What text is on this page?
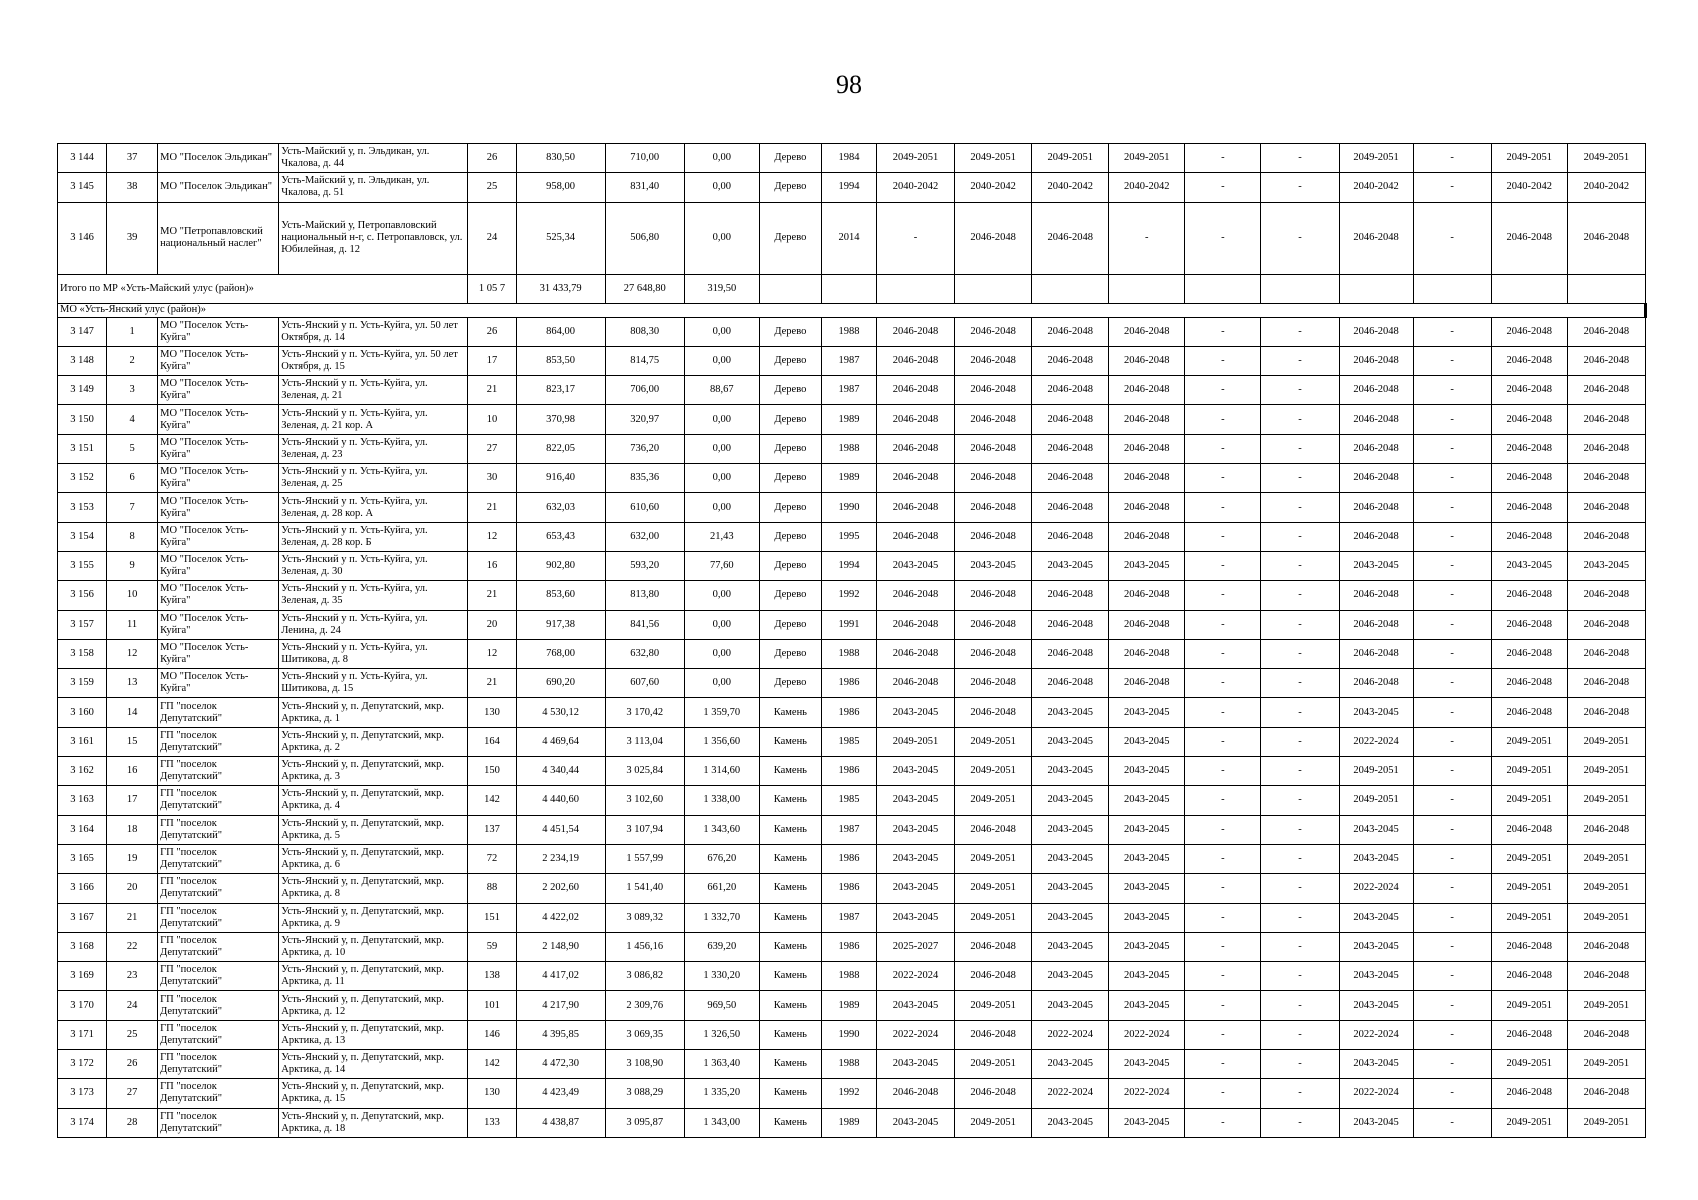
98
3 144	37	МО "Поселок Эльдикан"	Усть-Майский у, п. Эльдикан, ул. Чкалова, д. 44	26	830,50	710,00	0,00	Дерево	1984	2049-2051	2049-2051	2049-2051	2049-2051	-	-	2049-2051	-	2049-2051	2049-2051
3 145	38	МО "Поселок Эльдикан"	Усть-Майский у, п. Эльдикан, ул. Чкалова, д. 51	25	958,00	831,40	0,00	Дерево	1994	2040-2042	2040-2042	2040-2042	2040-2042	-	-	2040-2042	-	2040-2042	2040-2042
3 146	39	МО "Петропавловский национальный наслег"	Усть-Майский у, Петропавловский национальный н-г, с. Петропавловск, ул. Юбилейная, д. 12	24	525,34	506,80	0,00	Дерево	2014	-	2046-2048	2046-2048	-	-	-	2046-2048	-	2046-2048	2046-2048
Итого по МР «Усть-Майский улус (район)»				1 05 7	31 433,79	27 648,80	319,50												
МО «Усть-Янский улус (район)»																			
3 147	1	МО "Поселок Усть-Куйга"	Усть-Янский у п. Усть-Куйга, ул. 50 лет Октября, д. 14	26	864,00	808,30	0,00	Дерево	1988	2046-2048	2046-2048	2046-2048	2046-2048	-	-	2046-2048	-	2046-2048	2046-2048
3 148	2	МО "Поселок Усть-Куйга"	Усть-Янский у п. Усть-Куйга, ул. 50 лет Октября, д. 15	17	853,50	814,75	0,00	Дерево	1987	2046-2048	2046-2048	2046-2048	2046-2048	-	-	2046-2048	-	2046-2048	2046-2048
3 149	3	МО "Поселок Усть-Куйга"	Усть-Янский у п. Усть-Куйга, ул. Зеленая, д. 21	21	823,17	706,00	88,67	Дерево	1987	2046-2048	2046-2048	2046-2048	2046-2048	-	-	2046-2048	-	2046-2048	2046-2048
3 150	4	МО "Поселок Усть-Куйга"	Усть-Янский у п. Усть-Куйга, ул. Зеленая, д. 21 кор. А	10	370,98	320,97	0,00	Дерево	1989	2046-2048	2046-2048	2046-2048	2046-2048	-	-	2046-2048	-	2046-2048	2046-2048
3 151	5	МО "Поселок Усть-Куйга"	Усть-Янский у п. Усть-Куйга, ул. Зеленая, д. 23	27	822,05	736,20	0,00	Дерево	1988	2046-2048	2046-2048	2046-2048	2046-2048	-	-	2046-2048	-	2046-2048	2046-2048
3 152	6	МО "Поселок Усть-Куйга"	Усть-Янский у п. Усть-Куйга, ул. Зеленая, д. 25	30	916,40	835,36	0,00	Дерево	1989	2046-2048	2046-2048	2046-2048	2046-2048	-	-	2046-2048	-	2046-2048	2046-2048
3 153	7	МО "Поселок Усть-Куйга"	Усть-Янский у п. Усть-Куйга, ул. Зеленая, д. 28 кор. А	21	632,03	610,60	0,00	Дерево	1990	2046-2048	2046-2048	2046-2048	2046-2048	-	-	2046-2048	-	2046-2048	2046-2048
3 154	8	МО "Поселок Усть-Куйга"	Усть-Янский у п. Усть-Куйга, ул. Зеленая, д. 28 кор. Б	12	653,43	632,00	21,43	Дерево	1995	2046-2048	2046-2048	2046-2048	2046-2048	-	-	2046-2048	-	2046-2048	2046-2048
3 155	9	МО "Поселок Усть-Куйга"	Усть-Янский у п. Усть-Куйга, ул. Зеленая, д. 30	16	902,80	593,20	77,60	Дерево	1994	2043-2045	2043-2045	2043-2045	2043-2045	-	-	2043-2045	-	2043-2045	2043-2045
3 156	10	МО "Поселок Усть-Куйга"	Усть-Янский у п. Усть-Куйга, ул. Зеленая, д. 35	21	853,60	813,80	0,00	Дерево	1992	2046-2048	2046-2048	2046-2048	2046-2048	-	-	2046-2048	-	2046-2048	2046-2048
3 157	11	МО "Поселок Усть-Куйга"	Усть-Янский у п. Усть-Куйга, ул. Ленина, д. 24	20	917,38	841,56	0,00	Дерево	1991	2046-2048	2046-2048	2046-2048	2046-2048	-	-	2046-2048	-	2046-2048	2046-2048
3 158	12	МО "Поселок Усть-Куйга"	Усть-Янский у п. Усть-Куйга, ул. Шитикова, д. 8	12	768,00	632,80	0,00	Дерево	1988	2046-2048	2046-2048	2046-2048	2046-2048	-	-	2046-2048	-	2046-2048	2046-2048
3 159	13	МО "Поселок Усть-Куйга"	Усть-Янский у п. Усть-Куйга, ул. Шитикова, д. 15	21	690,20	607,60	0,00	Дерево	1986	2046-2048	2046-2048	2046-2048	2046-2048	-	-	2046-2048	-	2046-2048	2046-2048
3 160	14	ГП "поселок Депутатский"	Усть-Янский у, п. Депутатский, мкр. Арктика, д. 1	130	4 530,12	3 170,42	1 359,70	Камень	1986	2043-2045	2046-2048	2043-2045	2043-2045	-	-	2043-2045	-	2046-2048	2046-2048
3 161	15	ГП "поселок Депутатский"	Усть-Янский у, п. Депутатский, мкр. Арктика, д. 2	164	4 469,64	3 113,04	1 356,60	Камень	1985	2049-2051	2049-2051	2043-2045	2043-2045	-	-	2022-2024	-	2049-2051	2049-2051
3 162	16	ГП "поселок Депутатский"	Усть-Янский у, п. Депутатский, мкр. Арктика, д. 3	150	4 340,44	3 025,84	1 314,60	Камень	1986	2043-2045	2049-2051	2043-2045	2043-2045	-	-	2049-2051	-	2049-2051	2049-2051
3 163	17	ГП "поселок Депутатский"	Усть-Янский у, п. Депутатский, мкр. Арктика, д. 4	142	4 440,60	3 102,60	1 338,00	Камень	1985	2043-2045	2049-2051	2043-2045	2043-2045	-	-	2049-2051	-	2049-2051	2049-2051
3 164	18	ГП "поселок Депутатский"	Усть-Янский у, п. Депутатский, мкр. Арктика, д. 5	137	4 451,54	3 107,94	1 343,60	Камень	1987	2043-2045	2046-2048	2043-2045	2043-2045	-	-	2043-2045	-	2046-2048	2046-2048
3 165	19	ГП "поселок Депутатский"	Усть-Янский у, п. Депутатский, мкр. Арктика, д. 6	72	2 234,19	1 557,99	676,20	Камень	1986	2043-2045	2049-2051	2043-2045	2043-2045	-	-	2043-2045	-	2049-2051	2049-2051
3 166	20	ГП "поселок Депутатский"	Усть-Янский у, п. Депутатский, мкр. Арктика, д. 8	88	2 202,60	1 541,40	661,20	Камень	1986	2043-2045	2049-2051	2043-2045	2043-2045	-	-	2022-2024	-	2049-2051	2049-2051
3 167	21	ГП "поселок Депутатский"	Усть-Янский у, п. Депутатский, мкр. Арктика, д. 9	151	4 422,02	3 089,32	1 332,70	Камень	1987	2043-2045	2049-2051	2043-2045	2043-2045	-	-	2043-2045	-	2049-2051	2049-2051
3 168	22	ГП "поселок Депутатский"	Усть-Янский у, п. Депутатский, мкр. Арктика, д. 10	59	2 148,90	1 456,16	639,20	Камень	1986	2025-2027	2046-2048	2043-2045	2043-2045	-	-	2043-2045	-	2046-2048	2046-2048
3 169	23	ГП "поселок Депутатский"	Усть-Янский у, п. Депутатский, мкр. Арктика, д. 11	138	4 417,02	3 086,82	1 330,20	Камень	1988	2022-2024	2046-2048	2043-2045	2043-2045	-	-	2043-2045	-	2046-2048	2046-2048
3 170	24	ГП "поселок Депутатский"	Усть-Янский у, п. Депутатский, мкр. Арктика, д. 12	101	4 217,90	2 309,76	969,50	Камень	1989	2043-2045	2049-2051	2043-2045	2043-2045	-	-	2043-2045	-	2049-2051	2049-2051
3 171	25	ГП "поселок Депутатский"	Усть-Янский у, п. Депутатский, мкр. Арктика, д. 13	146	4 395,85	3 069,35	1 326,50	Камень	1990	2022-2024	2046-2048	2022-2024	2022-2024	-	-	2022-2024	-	2046-2048	2046-2048
3 172	26	ГП "поселок Депутатский"	Усть-Янский у, п. Депутатский, мкр. Арктика, д. 14	142	4 472,30	3 108,90	1 363,40	Камень	1988	2043-2045	2049-2051	2043-2045	2043-2045	-	-	2043-2045	-	2049-2051	2049-2051
3 173	27	ГП "поселок Депутатский"	Усть-Янский у, п. Депутатский, мкр. Арктика, д. 15	130	4 423,49	3 088,29	1 335,20	Камень	1992	2046-2048	2046-2048	2022-2024	2022-2024	-	-	2022-2024	-	2046-2048	2046-2048
3 174	28	ГП "поселок Депутатский"	Усть-Янский у, п. Депутатский, мкр. Арктика, д. 18	133	4 438,87	3 095,87	1 343,00	Камень	1989	2043-2045	2049-2051	2043-2045	2043-2045	-	-	2043-2045	-	2049-2051	2049-2051
